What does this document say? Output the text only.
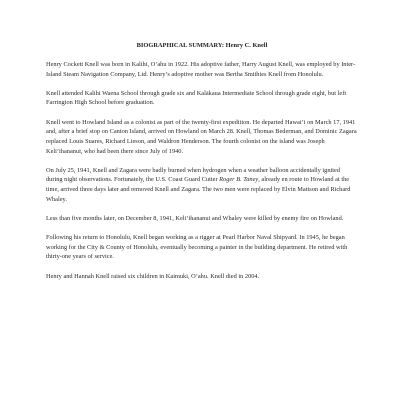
BIOGRAPHICAL SUMMARY: Henry C. Knell

Henry Cockett Knell was born in Kalihi, O’ahu in 1922. His adoptive father, Harry August Knell, was employed by Inter-Island Steam Navigation Company, Ltd. Henry’s adoptive mother was Bertha Smithies Knell from Honolulu.

Knell attended Kalihi Waena School through grade six and Kalākaua Intermediate School through grade eight, but left Farrington High School before graduation.

Knell went to Howland Island as a colonist as part of the twenty-first expedition. He departed Hawai’i on March 17, 1941 and, after a brief stop on Canton Island, arrived on Howland on March 28. Knell, Thomas Bederman, and Dominic Zagara replaced Louis Suares, Richard Lieson, and Waldron Henderson. The fourth colonist on the island was Joseph Keli’ihananui, who had been there since July of 1940.

On July 25, 1941, Knell and Zagara were badly burned when hydrogen when a weather balloon accidentally ignited during night observations. Fortunately, the U.S. Coast Guard Cutter Roger B. Taney, already en route to Howland at the time, arrived three days later and removed Knell and Zagara. The two men were replaced by Elvin Mattson and Richard Whaley.

Less than five months later, on December 8, 1941, Keli’ihananui and Whaley were killed by enemy fire on Howland.

Following his return to Honolulu, Knell began working as a rigger at Pearl Harbor Naval Shipyard. In 1945, he began working for the City & County of Honolulu, eventually becoming a painter in the building department. He retired with thirty-one years of service.

Henry and Hannah Knell raised six children in Kaimuki, O’ahu. Knell died in 2004.
